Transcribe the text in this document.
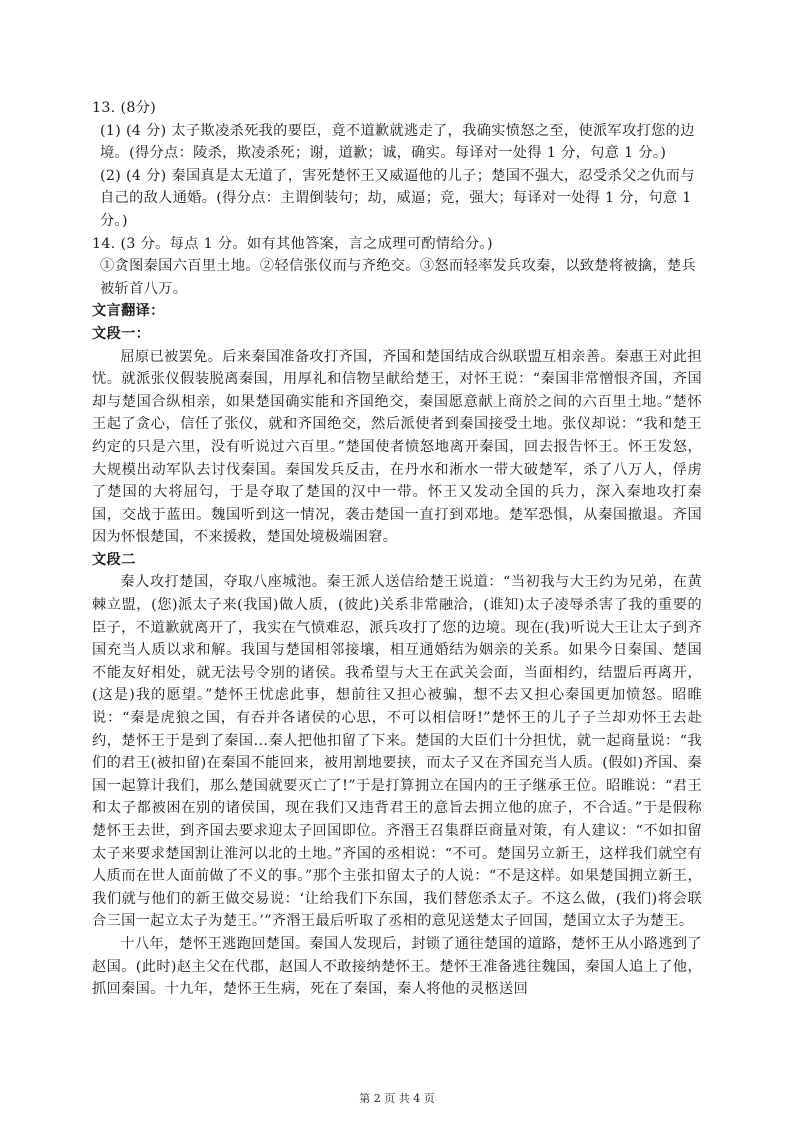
13. (8分)

(1) (4 分) 太子欺凌杀死我的要臣，竟不道歉就逃走了，我确实愤怒之至，使派军攻打您的边境。(得分点：陵杀，欺凌杀死；谢，道歉；诚，确实。每译对一处得 1 分，句意 1 分。)

(2) (4 分) 秦国真是太无道了，害死楚怀王又威逼他的儿子；楚国不强大，忍受杀父之仇而与自己的敌人通婚。(得分点：主谓倒装句；劫，威逼；竞，强大；每译对一处得 1 分，句意 1 分。)

14. (3 分。每点 1 分。如有其他答案，言之成理可酌情给分。)

①贪图秦国六百里土地。②轻信张仪而与齐绝交。③怒而轻率发兵攻秦，以致楚将被擒，楚兵被斩首八万。

文言翻译：

文段一：

屈原已被罢免。后来秦国准备攻打齐国，齐国和楚国结成合纵联盟互相亲善。秦惠王对此担忧。就派张仪假装脱离秦国，用厚礼和信物呈献给楚王，对怀王说：“秦国非常憎恨齐国，齐国却与楚国合纵相亲，如果楚国确实能和齐国绝交，秦国愿意献上商於之间的六百里土地。”楚怀王起了贪心，信任了张仪，就和齐国绝交，然后派使者到秦国接受土地。张仪却说：“我和楚王约定的只是六里，没有听说过六百里。”楚国使者愤怒地离开秦国，回去报告怀王。怀王发怒，大规模出动军队去讨伐秦国。秦国发兵反击，在丹水和淅水一带大破楚军，杀了八万人，俘虏了楚国的大将屈匄，于是夺取了楚国的汉中一带。怀王又发动全国的兵力，深入秦地攻打秦国，交战于蓝田。魏国听到这一情况，袭击楚国一直打到邓地。楚军恐惧，从秦国撤退。齐国因为怀恨楚国，不来援救，楚国处境极端困窘。

文段二

秦人攻打楚国，夺取八座城池。秦王派人送信给楚王说道：“当初我与大王约为兄弟，在黄棘立盟，(您)派太子来(我国)做人质，(彼此)关系非常融洽，(谁知)太子凌辱杀害了我的重要的臣子，不道歉就离开了，我实在气愤难忍，派兵攻打了您的边境。现在(我)听说大王让太子到齐国充当人质以求和解。我国与楚国相邻接壤，相互通婚结为姻亲的关系。如果今日秦国、楚国不能友好相处，就无法号令别的诸侯。我希望与大王在武关会面，当面相约，结盟后再离开，(这是)我的愿望。”楚怀王忧虑此事，想前往又担心被骗，想不去又担心秦国更加愤怒。昭睢说：“秦是虎狼之国，有吞并各诸侯的心思，不可以相信呀!”楚怀王的儿子子兰却劝怀王去赴约，楚怀王于是到了秦国...秦人把他扣留了下来。楚国的大臣们十分担忧，就一起商量说：“我们的君王(被扣留)在秦国不能回来，被用割地要挟，而太子又在齐国充当人质。(假如)齐国、秦国一起算计我们，那么楚国就要灭亡了!”于是打算拥立在国内的王子继承王位。昭睢说：“君王和太子都被困在别的诸侯国，现在我们又违背君王的意旨去拥立他的庶子，不合适。”于是假称楚怀王去世，到齐国去要求迎太子回国即位。齐湣王召集群臣商量对策，有人建议：“不如扣留太子来要求楚国割让淮河以北的土地。”齐国的丞相说：“不可。楚国另立新王，这样我们就空有人质而在世人面前做了不义的事。”那个主张扣留太子的人说：“不是这样。如果楚国拥立新王，我们就与他们的新王做交易说：‘让给我们下东国，我们替您杀太子。不这么做，(我们)将会联合三国一起立太子为楚王。’”齐湣王最后听取了丞相的意见送楚太子回国，楚国立太子为楚王。

十八年，楚怀王逃跑回楚国。秦国人发现后，封锁了通往楚国的道路，楚怀王从小路逃到了赵国。(此时)赵主父在代郡，赵国人不敢接纳楚怀王。楚怀王准备逃往魏国，秦国人追上了他，抓回秦国。十九年，楚怀王生病，死在了秦国，秦人将他的灵柩送回

第 2 页 共 4 页
